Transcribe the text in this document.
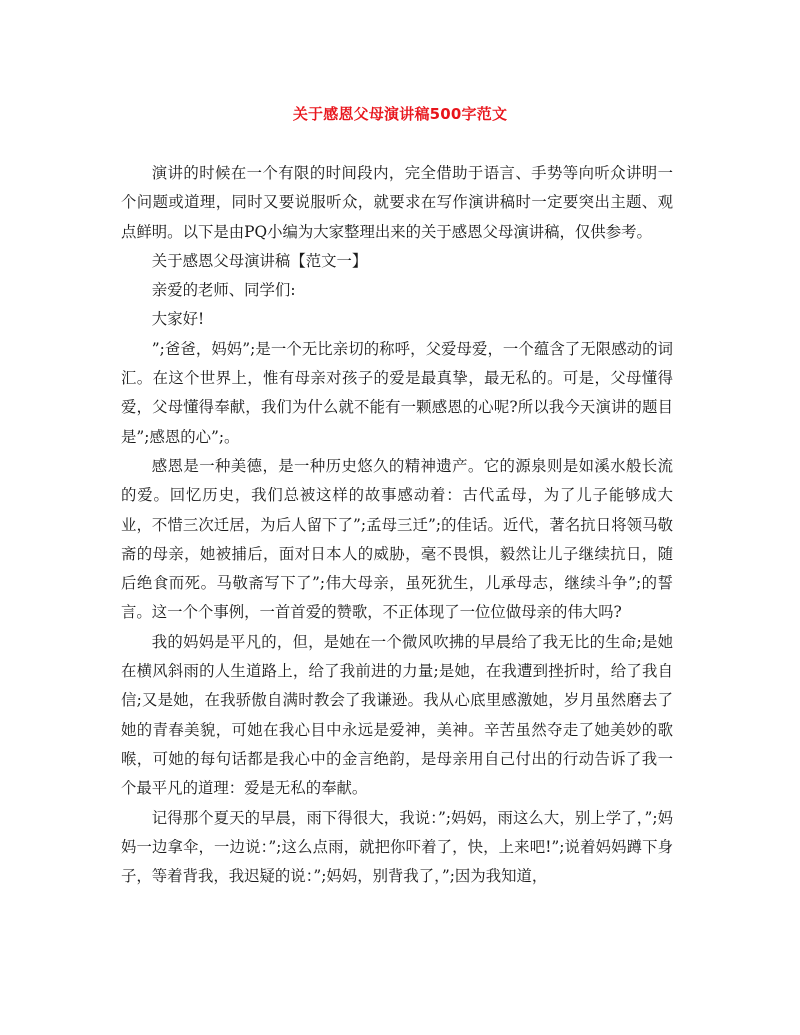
关于感恩父母演讲稿500字范文

演讲的时候在一个有限的时间段内，完全借助于语言、手势等向听众讲明一个问题或道理，同时又要说服听众，就要求在写作演讲稿时一定要突出主题、观点鲜明。以下是由PQ小编为大家整理出来的关于感恩父母演讲稿，仅供参考。

关于感恩父母演讲稿【范文一】

亲爱的老师、同学们:

大家好!

”;爸爸，妈妈”;是一个无比亲切的称呼，父爱母爱，一个蕴含了无限感动的词汇。在这个世界上，惟有母亲对孩子的爱是最真挚，最无私的。可是，父母懂得爱，父母懂得奉献，我们为什么就不能有一颗感恩的心呢?所以我今天演讲的题目是”;感恩的心”;。

感恩是一种美德，是一种历史悠久的精神遗产。它的源泉则是如溪水般长流的爱。回忆历史，我们总被这样的故事感动着：古代孟母，为了儿子能够成大业，不惜三次迁居，为后人留下了”;孟母三迁”;的佳话。近代，著名抗日将领马敬斋的母亲，她被捕后，面对日本人的威胁，毫不畏惧，毅然让儿子继续抗日，随后绝食而死。马敬斋写下了”;伟大母亲，虽死犹生，儿承母志，继续斗争”;的誓言。这一个个事例，一首首爱的赞歌，不正体现了一位位做母亲的伟大吗?

我的妈妈是平凡的，但，是她在一个微风吹拂的早晨给了我无比的生命;是她在横风斜雨的人生道路上，给了我前进的力量;是她，在我遭到挫折时，给了我自信;又是她，在我骄傲自满时教会了我谦逊。我从心底里感激她，岁月虽然磨去了她的青春美貌，可她在我心目中永远是爱神，美神。辛苦虽然夺走了她美妙的歌喉，可她的每句话都是我心中的金言绝韵，是母亲用自己付出的行动告诉了我一个最平凡的道理：爱是无私的奉献。

记得那个夏天的早晨，雨下得很大，我说：”;妈妈，雨这么大，别上学了，”;妈妈一边拿伞，一边说：”;这么点雨，就把你吓着了，快，上来吧!”;说着妈妈蹲下身子，等着背我，我迟疑的说：”;妈妈，别背我了，”;因为我知道，
